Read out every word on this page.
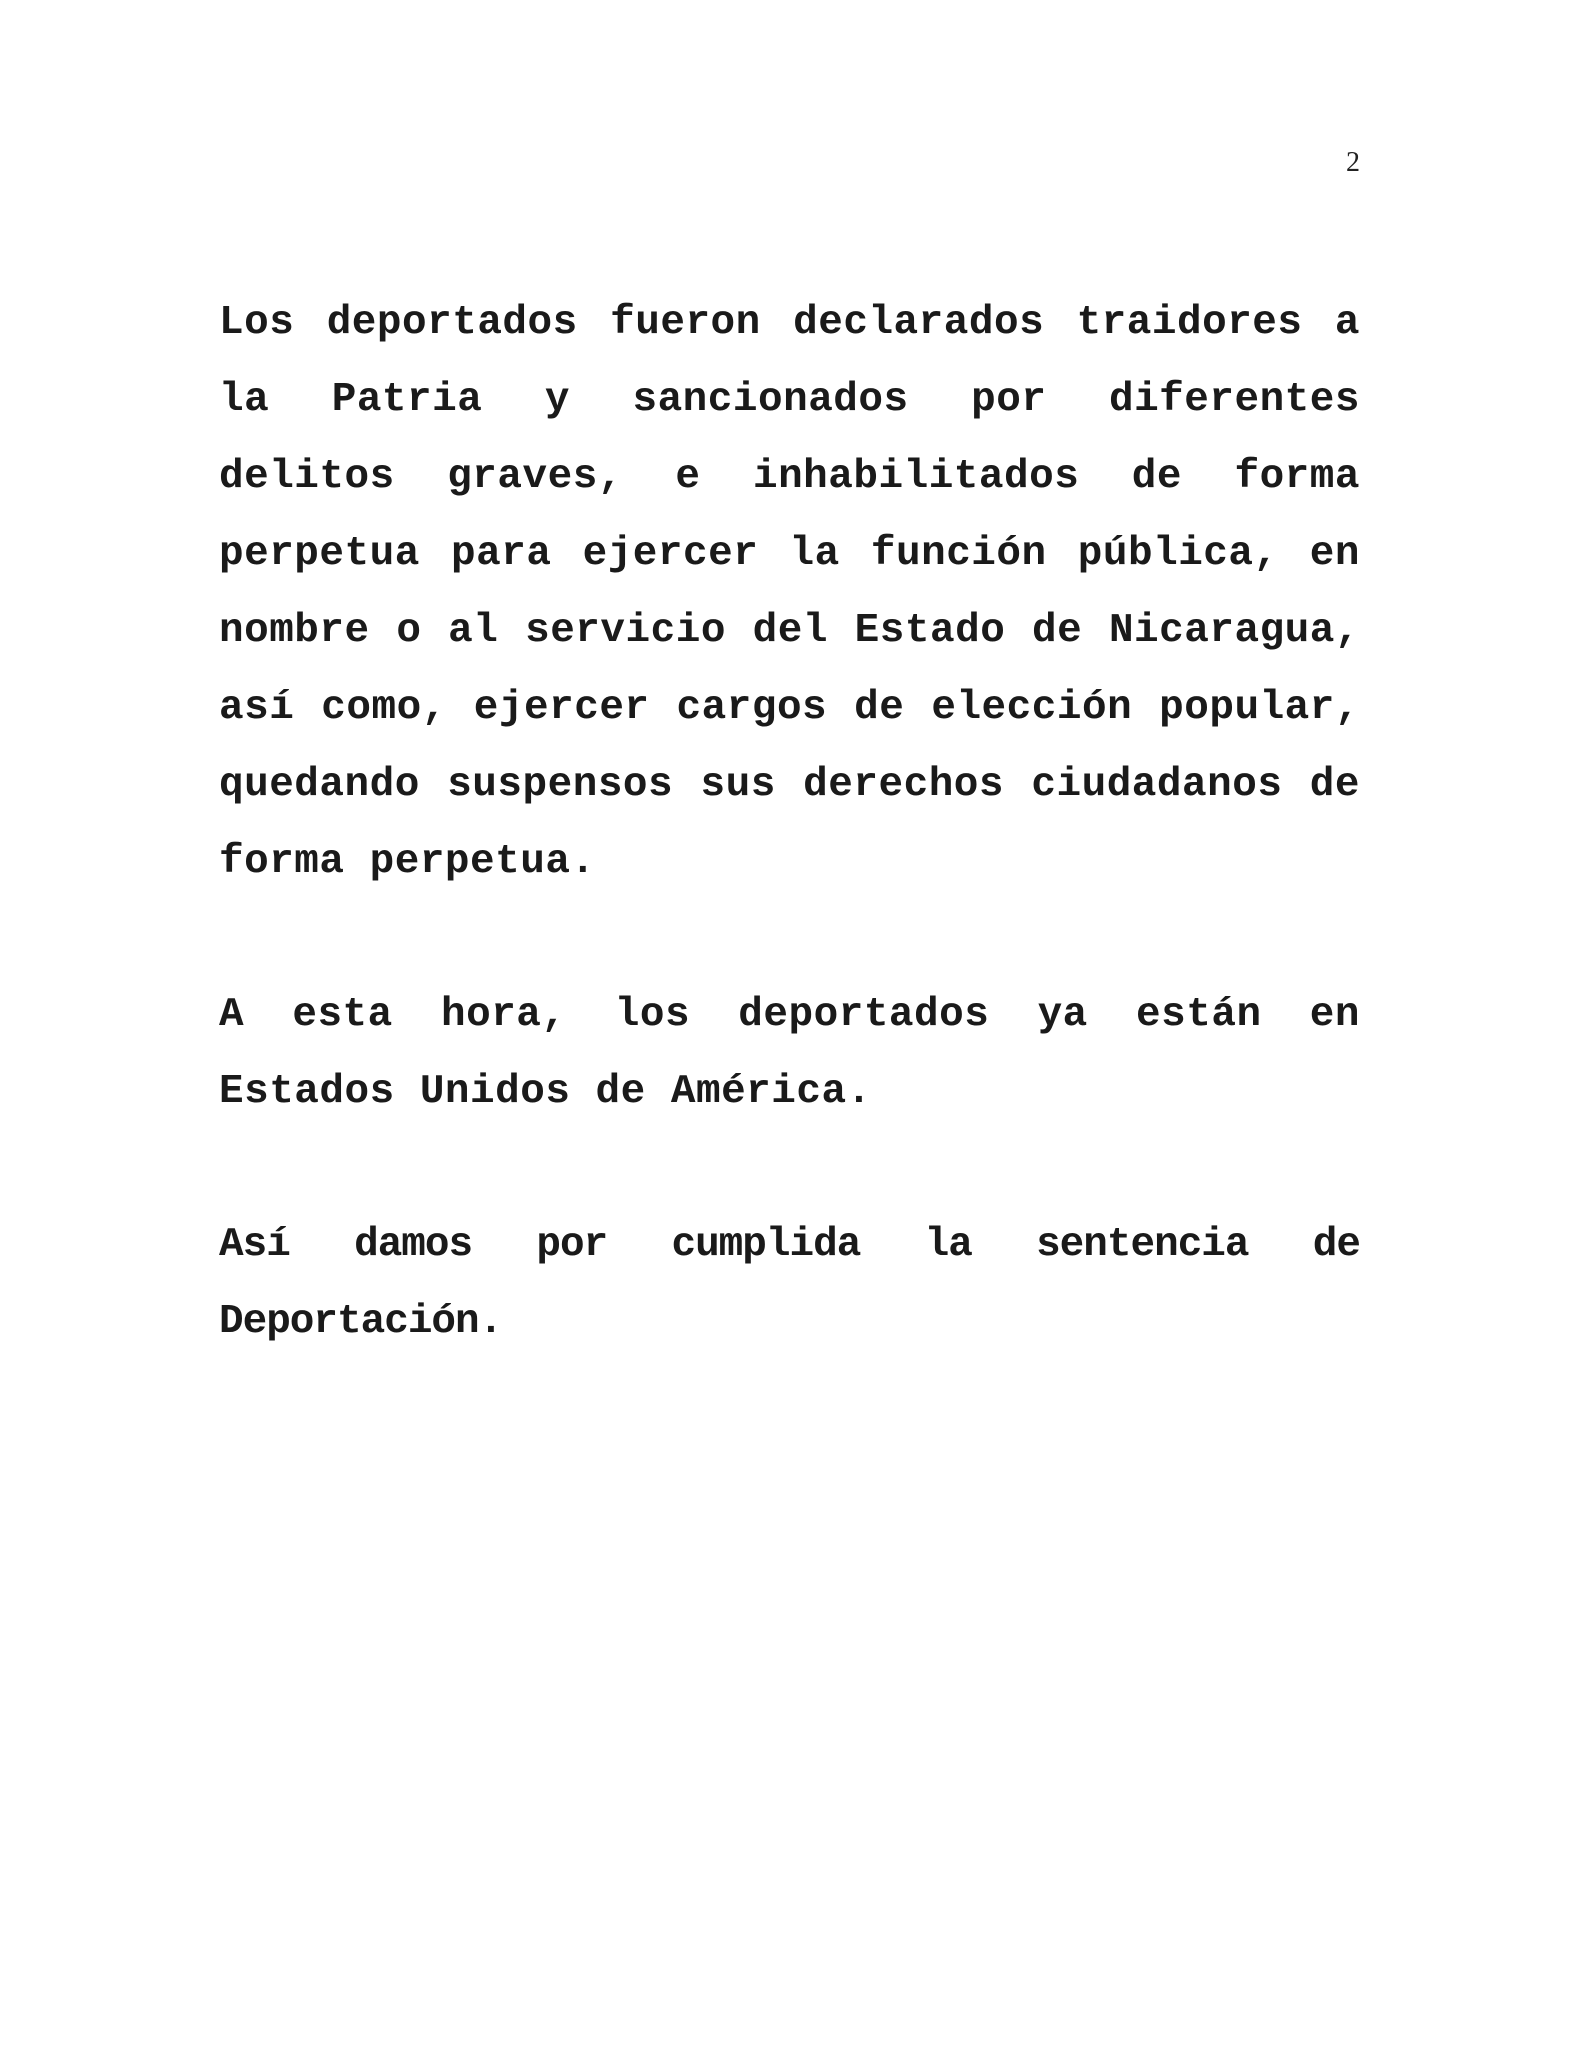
2

Los deportados fueron declarados traidores a la Patria y sancionados por diferentes delitos graves, e inhabilitados de forma perpetua para ejercer la función pública, en nombre o al servicio del Estado de Nicaragua, así como, ejercer cargos de elección popular, quedando suspensos sus derechos ciudadanos de forma perpetua.

A esta hora, los deportados ya están en Estados Unidos de América.

Así damos por cumplida la sentencia de Deportación.
